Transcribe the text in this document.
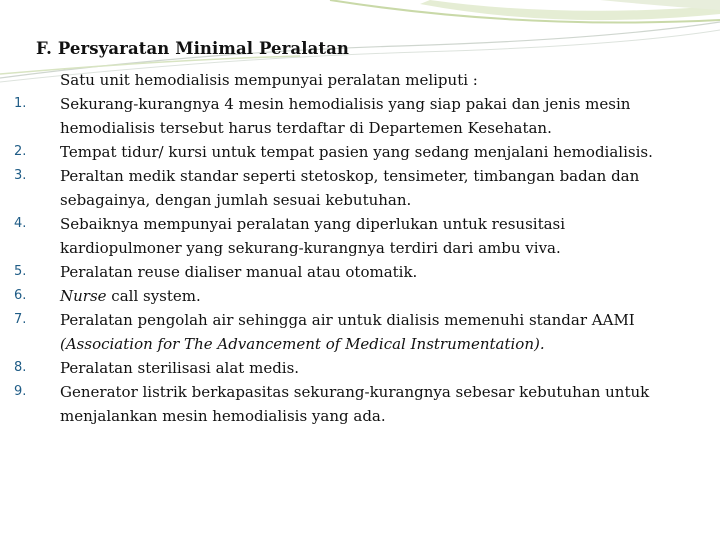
F. Persyaratan Minimal Peralatan

Satu unit hemodialisis mempunyai peralatan meliputi :

1.	Sekurang-kurangnya 4 mesin hemodialisis yang siap pakai dan jenis mesin
hemodialisis tersebut harus terdaftar di Departemen Kesehatan.
2.	Tempat tidur/ kursi untuk tempat pasien yang sedang menjalani hemodialisis.
3.	Peraltan medik standar seperti stetoskop, tensimeter, timbangan badan dan
sebagainya, dengan jumlah sesuai kebutuhan.
4.	Sebaiknya mempunyai peralatan yang diperlukan untuk resusitasi
kardiopulmoner yang sekurang-kurangnya terdiri dari ambu viva.
5.	Peralatan reuse dialiser manual atau otomatik.
6.	Nurse call system.
7.	Peralatan pengolah air sehingga air untuk dialisis memenuhi standar AAMI
(Association for The Advancement of Medical Instrumentation).
8.	Peralatan sterilisasi alat medis.
9.	Generator listrik berkapasitas sekurang-kurangnya sebesar kebutuhan untuk
menjalankan mesin hemodialisis yang ada.
